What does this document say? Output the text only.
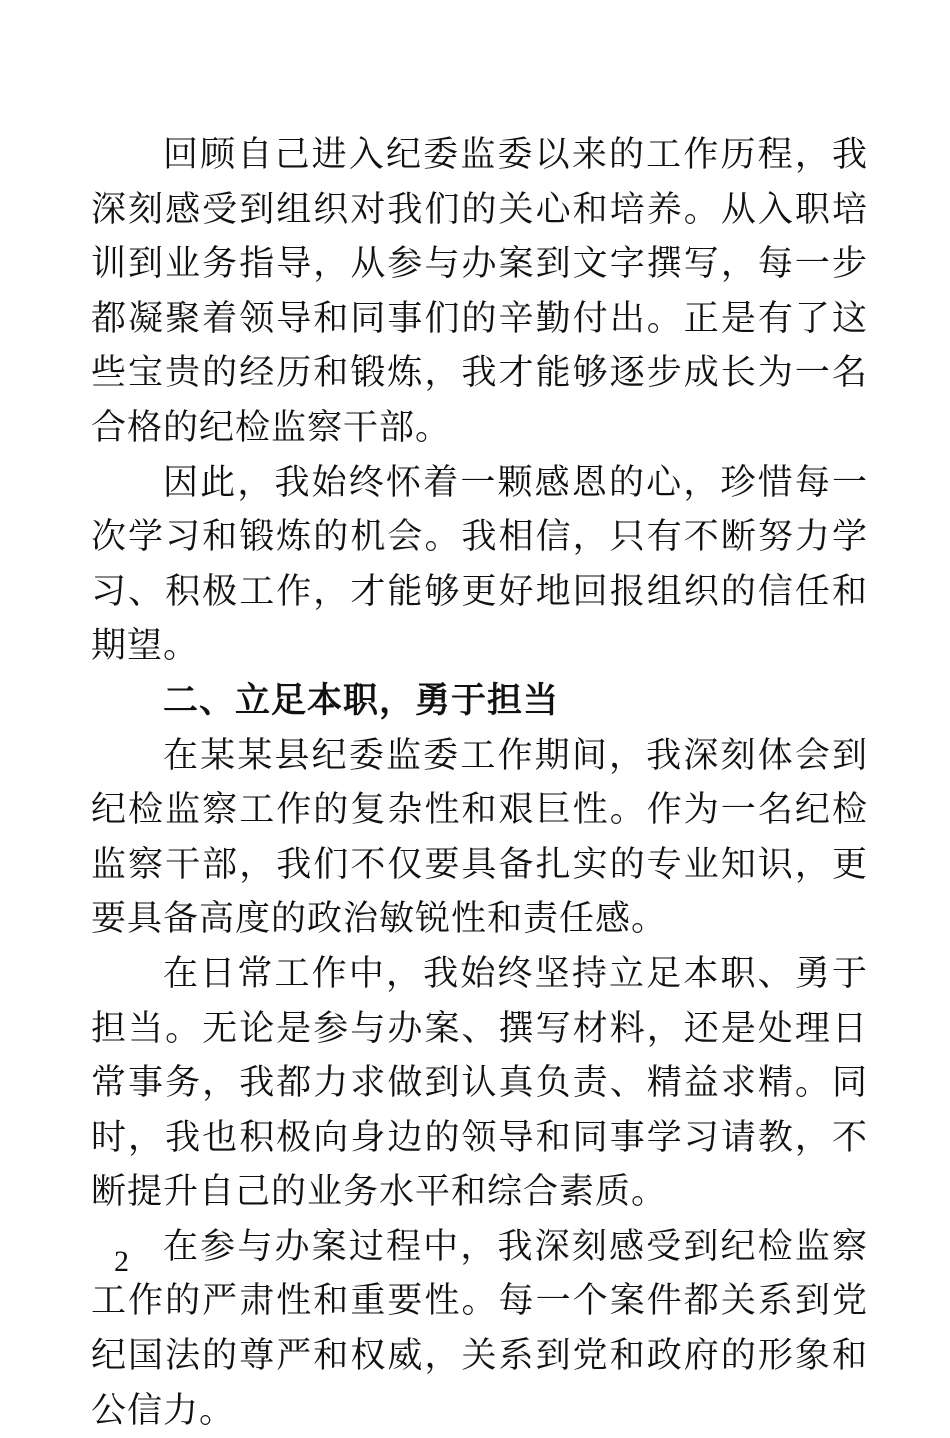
回顾自己进入纪委监委以来的工作历程，我深刻感受到组织对我们的关心和培养。从入职培训到业务指导，从参与办案到文字撰写，每一步都凝聚着领导和同事们的辛勤付出。正是有了这些宝贵的经历和锻炼，我才能够逐步成长为一名合格的纪检监察干部。

因此，我始终怀着一颗感恩的心，珍惜每一次学习和锻炼的机会。我相信，只有不断努力学习、积极工作，才能够更好地回报组织的信任和期望。

二、立足本职，勇于担当

在某某县纪委监委工作期间，我深刻体会到纪检监察工作的复杂性和艰巨性。作为一名纪检监察干部，我们不仅要具备扎实的专业知识，更要具备高度的政治敏锐性和责任感。

在日常工作中，我始终坚持立足本职、勇于担当。无论是参与办案、撰写材料，还是处理日常事务，我都力求做到认真负责、精益求精。同时，我也积极向身边的领导和同事学习请教，不断提升自己的业务水平和综合素质。

在参与办案过程中，我深刻感受到纪检监察工作的严肃性和重要性。每一个案件都关系到党纪国法的尊严和权威，关系到党和政府的形象和公信力。

2
